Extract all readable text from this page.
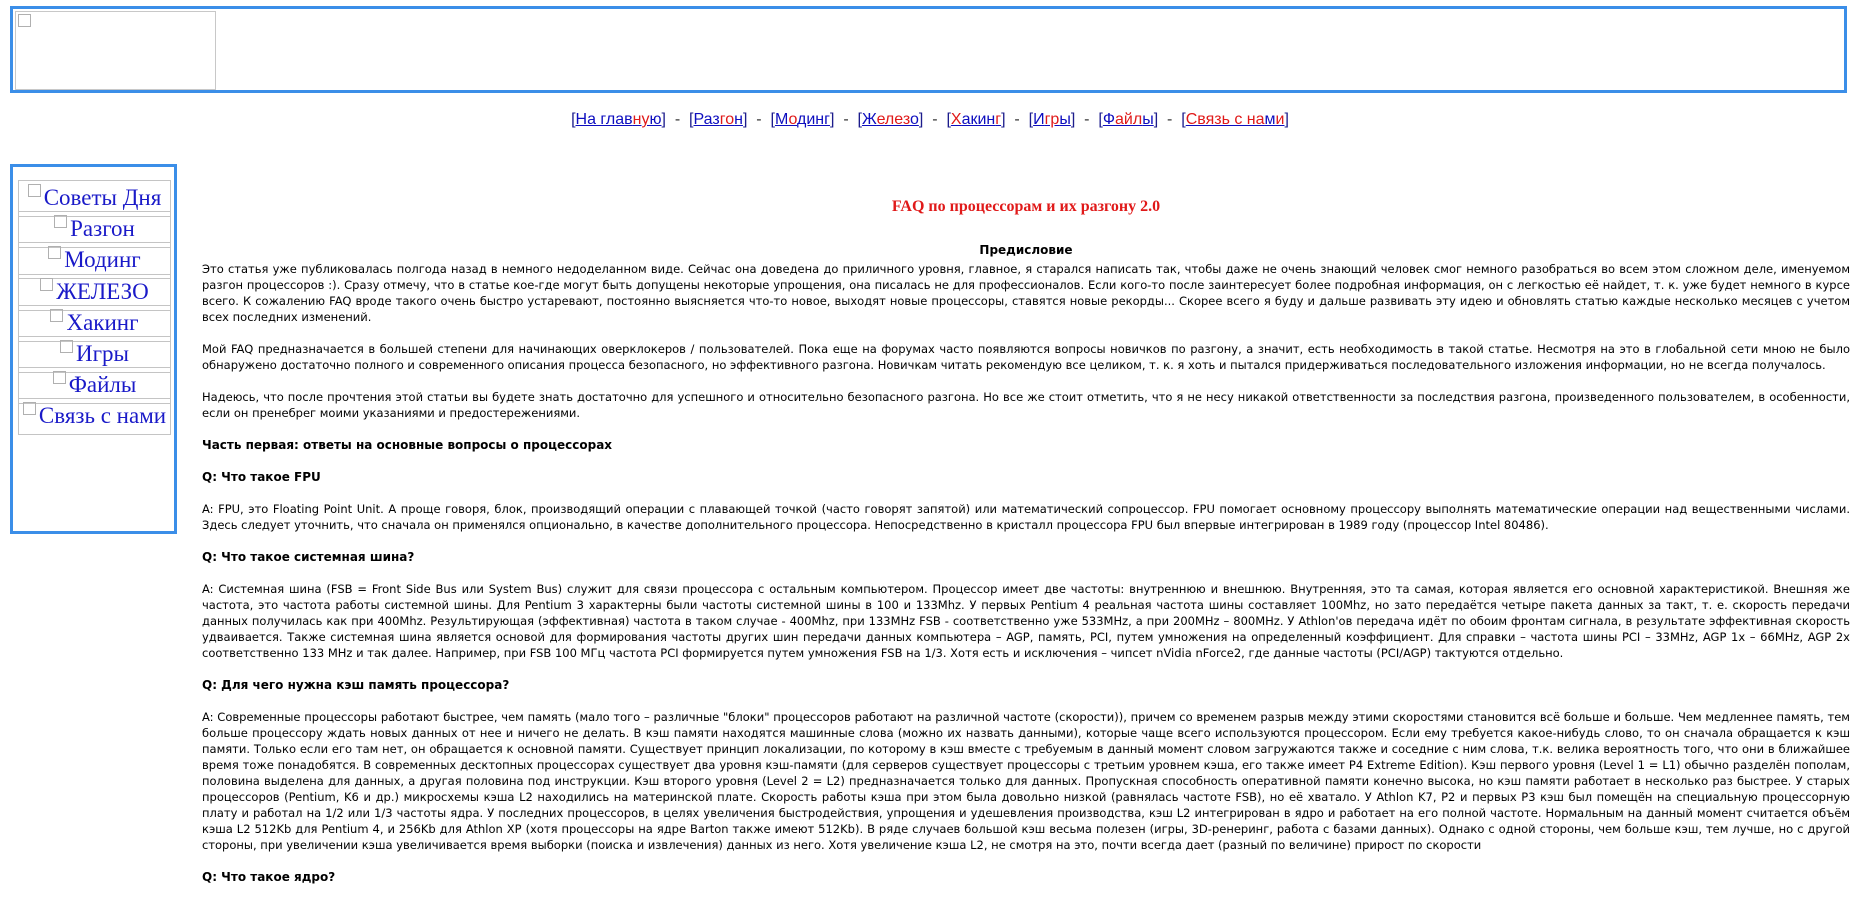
[На главную]  -  [Разгон]  -  [Модинг]  -  [Железо]  -  [Хакинг]  -  [Игры]  -  [Файлы]  -  [Связь с нами]
Советы Дня
Разгон
Модинг
ЖЕЛЕЗО
Хакинг
Игры
Файлы
Связь с нами
FAQ по процессорам и их разгону 2.0
Предисловие

Это статья уже публиковалась полгода назад в немного недоделанном виде. Сейчас она доведена до приличного уровня, главное, я старался написать так, чтобы даже не очень знающий человек смог немного разобраться во всем этом сложном деле, именуемом разгон процессоров :). Сразу отмечу, что в статье кое-где могут быть допущены некоторые упрощения, она писалась не для профессионалов. Если кого-то после заинтересует более подробная информация, он с легкостью её найдет, т. к. уже будет немного в курсе всего. К сожалению FAQ вроде такого очень быстро устаревают, постоянно выясняется что-то новое, выходят новые процессоры, ставятся новые рекорды... Скорее всего я буду и дальше развивать эту идею и обновлять статью каждые несколько месяцев с учетом всех последних изменений.

Мой FAQ предназначается в большей степени для начинающих оверклокеров / пользователей. Пока еще на форумах часто появляются вопросы новичков по разгону, а значит, есть необходимость в такой статье. Несмотря на это в глобальной сети мною не было обнаружено достаточно полного и современного описания процесса безопасного, но эффективного разгона. Новичкам читать рекомендую все целиком, т. к. я хоть и пытался придерживаться последовательного изложения информации, но не всегда получалось.

Надеюсь, что после прочтения этой статьи вы будете знать достаточно для успешного и относительно безопасного разгона. Но все же стоит отметить, что я не несу никакой ответственности за последствия разгона, произведенного пользователем, в особенности, если он пренебрег моими указаниями и предостережениями.

Часть первая: ответы на основные вопросы о процессорах
Q: Что такое FPU

A: FPU, это Floating Point Unit. А проще говоря, блок, производящий операции с плавающей точкой (часто говорят запятой) или математический сопроцессор. FPU помогает основному процессору выполнять математические операции над вещественными числами. Здесь следует уточнить, что сначала он применялся опционально, в качестве дополнительного процессора. Непосредственно в кристалл процессора FPU был впервые интегрирован в 1989 году (процессор Intel 80486).

Q: Что такое системная шина?

A: Системная шина (FSB = Front Side Bus или System Bus) служит для связи процессора с остальным компьютером. Процессор имеет две частоты: внутреннюю и внешнюю. Внутренняя, это та самая, которая является его основной характеристикой. Внешняя же частота, это частота работы системной шины. Для Pentium 3 характерны были частоты системной шины в 100 и 133Mhz. У первых Pentium 4 реальная частота шины составляет 100Mhz, но зато передаётся четыре пакета данных за такт, т. е. скорость передачи данных получилась как при 400Mhz. Результирующая (эффективная) частота в таком случае - 400Mhz, при 133MHz FSB - соответственно уже 533MHz, а при 200MHz – 800MHz. У Athlon'ов передача идёт по обоим фронтам сигнала, в результате эффективная скорость удваивается. Также системная шина является основой для формирования частоты других шин передачи данных компьютера – AGP, память, PCI, путем умножения на определенный коэффициент. Для справки – частота шины PCI – 33MHz, AGP 1x – 66MHz, AGP 2x соответственно 133 MHz и так далее. Например, при FSB 100 МГц частота PCI формируется путем умножения FSB на 1/3. Хотя есть и исключения – чипсет nVidia nForce2, где данные частоты (PCI/AGP) тактуются отдельно.

Q: Для чего нужна кэш память процессора?

A: Современные процессоры работают быстрее, чем память (мало того – различные "блоки" процессоров работают на различной частоте (скорости)), причем со временем разрыв между этими скоростями становится всё больше и больше. Чем медленнее память, тем больше процессору ждать новых данных от нее и ничего не делать. В кэш памяти находятся машинные слова (можно их назвать данными), которые чаще всего используются процессором. Если ему требуется какое-нибудь слово, то он сначала обращается к кэш памяти. Только если его там нет, он обращается к основной памяти. Существует принцип локализации, по которому в кэш вместе с требуемым в данный момент словом загружаются также и соседние с ним слова, т.к. велика вероятность того, что они в ближайшее время тоже понадобятся. В современных десктопных процессорах существует два уровня кэш-памяти (для серверов существует процессоры с третьим уровнем кэша, его также имеет P4 Extreme Edition). Кэш первого уровня (Level 1 = L1) обычно разделён пополам, половина выделена для данных, а другая половина под инструкции. Кэш второго уровня (Level 2 = L2) предназначается только для данных. Пропускная способность оперативной памяти конечно высока, но кэш памяти работает в несколько раз быстрее. У старых процессоров (Pentium, K6 и др.) микросхемы кэша L2 находились на материнской плате. Скорость работы кэша при этом была довольно низкой (равнялась частоте FSB), но её хватало. У Athlon K7, P2 и первых P3 кэш был помещён на специальную процессорную плату и работал на 1/2 или 1/3 частоты ядра. У последних процессоров, в целях увеличения быстродействия, упрощения и удешевления производства, кэш L2 интегрирован в ядро и работает на его полной частоте. Нормальным на данный момент считается объём кэша L2 512Kb для Pentium 4, и 256Kb для Athlon XP (хотя процессоры на ядре Barton также имеют 512Kb). В ряде случаев большой кэш весьма полезен (игры, 3D-ренеринг, работа с базами данных). Однако с одной стороны, чем больше кэш, тем лучше, но с другой стороны, при увеличении кэша увеличивается время выборки (поиска и извлечения) данных из него. Хотя увеличение кэша L2, не смотря на это, почти всегда дает (разный по величине) прирост по скорости

Q: Что такое ядро?
